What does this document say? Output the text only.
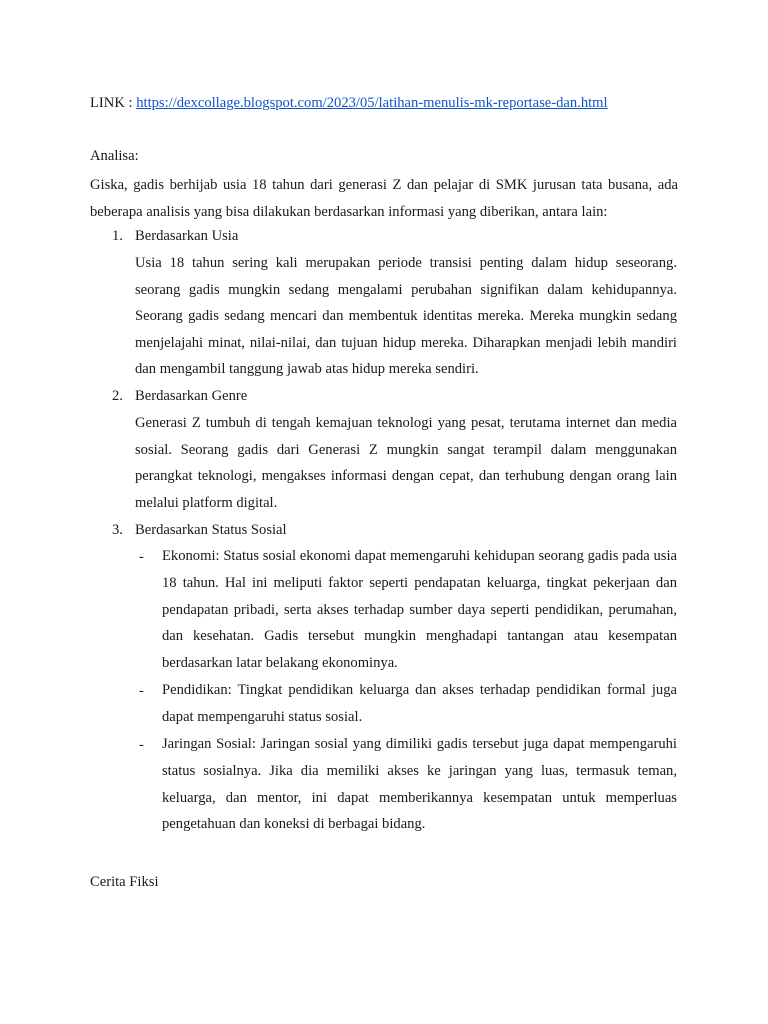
LINK : https://dexcollage.blogspot.com/2023/05/latihan-menulis-mk-reportase-dan.html
Analisa:
Giska, gadis berhijab usia 18 tahun dari generasi Z dan pelajar di SMK jurusan tata busana, ada beberapa analisis yang bisa dilakukan berdasarkan informasi yang diberikan, antara lain:
1. Berdasarkan Usia
Usia 18 tahun sering kali merupakan periode transisi penting dalam hidup seseorang. seorang gadis mungkin sedang mengalami perubahan signifikan dalam kehidupannya. Seorang gadis sedang mencari dan membentuk identitas mereka. Mereka mungkin sedang menjelajahi minat, nilai-nilai, dan tujuan hidup mereka. Diharapkan menjadi lebih mandiri dan mengambil tanggung jawab atas hidup mereka sendiri.
2. Berdasarkan Genre
Generasi Z tumbuh di tengah kemajuan teknologi yang pesat, terutama internet dan media sosial. Seorang gadis dari Generasi Z mungkin sangat terampil dalam menggunakan perangkat teknologi, mengakses informasi dengan cepat, dan terhubung dengan orang lain melalui platform digital.
3. Berdasarkan Status Sosial
- Ekonomi: Status sosial ekonomi dapat memengaruhi kehidupan seorang gadis pada usia 18 tahun. Hal ini meliputi faktor seperti pendapatan keluarga, tingkat pekerjaan dan pendapatan pribadi, serta akses terhadap sumber daya seperti pendidikan, perumahan, dan kesehatan. Gadis tersebut mungkin menghadapi tantangan atau kesempatan berdasarkan latar belakang ekonominya.
- Pendidikan: Tingkat pendidikan keluarga dan akses terhadap pendidikan formal juga dapat mempengaruhi status sosial.
- Jaringan Sosial: Jaringan sosial yang dimiliki gadis tersebut juga dapat mempengaruhi status sosialnya. Jika dia memiliki akses ke jaringan yang luas, termasuk teman, keluarga, dan mentor, ini dapat memberikannya kesempatan untuk memperluas pengetahuan dan koneksi di berbagai bidang.
Cerita Fiksi
